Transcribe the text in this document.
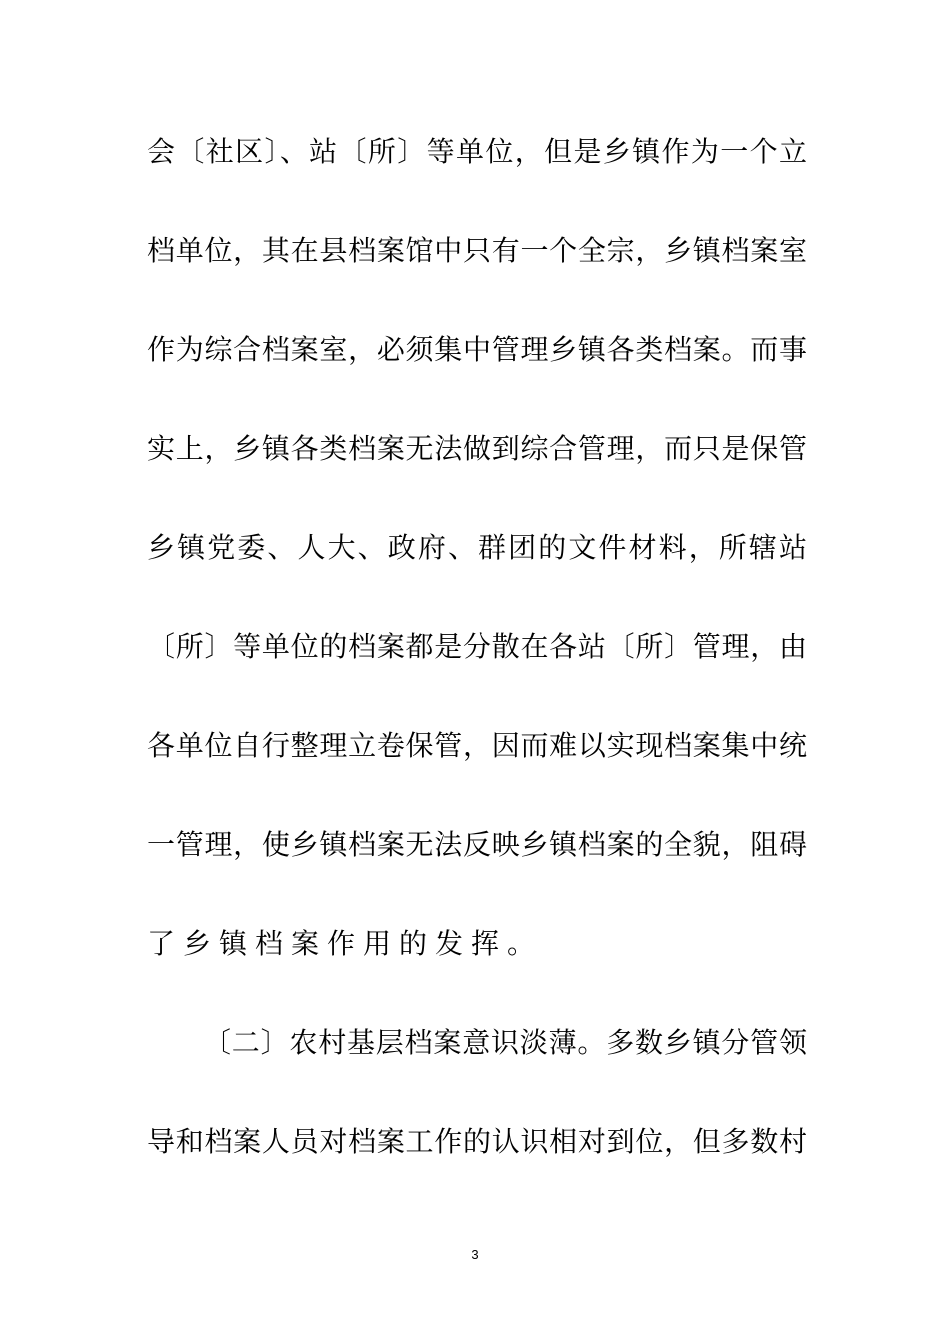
会〔社区〕、站〔所〕等单位，但是乡镇作为一个立
档单位，其在县档案馆中只有一个全宗，乡镇档案室
作为综合档案室，必须集中管理乡镇各类档案。而事
实上，乡镇各类档案无法做到综合管理，而只是保管
乡镇党委、人大、政府、群团的文件材料，所辖站
〔所〕等单位的档案都是分散在各站〔所〕管理，由
各单位自行整理立卷保管，因而难以实现档案集中统
一管理，使乡镇档案无法反映乡镇档案的全貌，阻碍
了乡镇档案作用的发挥。
〔二〕农村基层档案意识淡薄。多数乡镇分管领
导和档案人员对档案工作的认识相对到位，但多数村
3
